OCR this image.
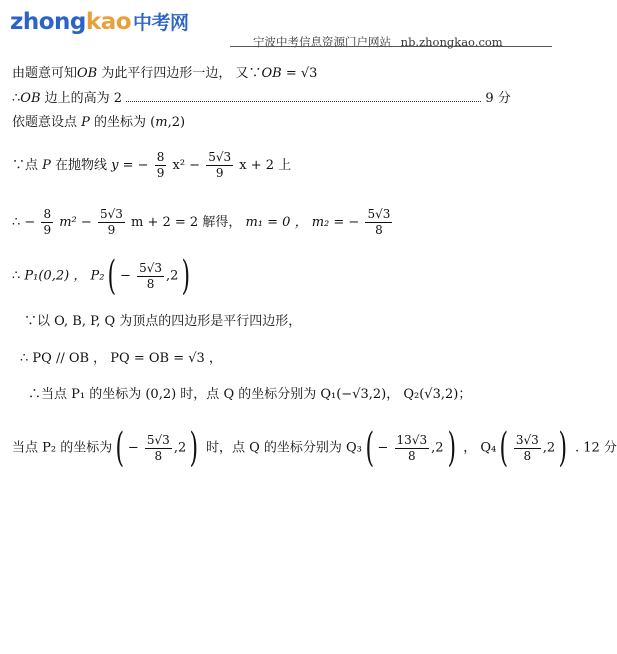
zhongkao 中考网
宁波中考信息资源门户网站 nb.zhongkao.com
由题意可知OB 为此平行四边形一边， 又∵OB = √3
∴OB 边上的高为 2	9 分
依题意设点 P 的坐标为 (m,2)
∵点 P 在抛物线 y = − $\frac{8}{9} x^2 - \frac{5√3}{9}$ x + 2 上
∴ − $\frac{8}{9} m^2 - \frac{5√3}{9}$ m + 2 = 2 解得， m₁ = 0 ， m₂ = − $\frac{5√3}{8}$
∴ P₁(0,2) ， $P_2( - \frac{5√3}{8} ,2)$
∵以 O, B, P, Q 为顶点的四边形是平行四边形，
∴ PQ // OB ， PQ = OB = √3 ，
∴当点 P₁ 的坐标为 (0,2) 时，点 Q 的坐标分别为 Q₁(−√3,2)， Q₂(√3,2)；
当点 P₂ 的坐标为( − $\frac{5√3}{8} ,2$) 时，点 Q 的坐标分别为 $Q_3( - \frac{13√3}{8} ,2)$ ， $Q_4( \frac{3√3}{8} ,2)$ . 12 分
